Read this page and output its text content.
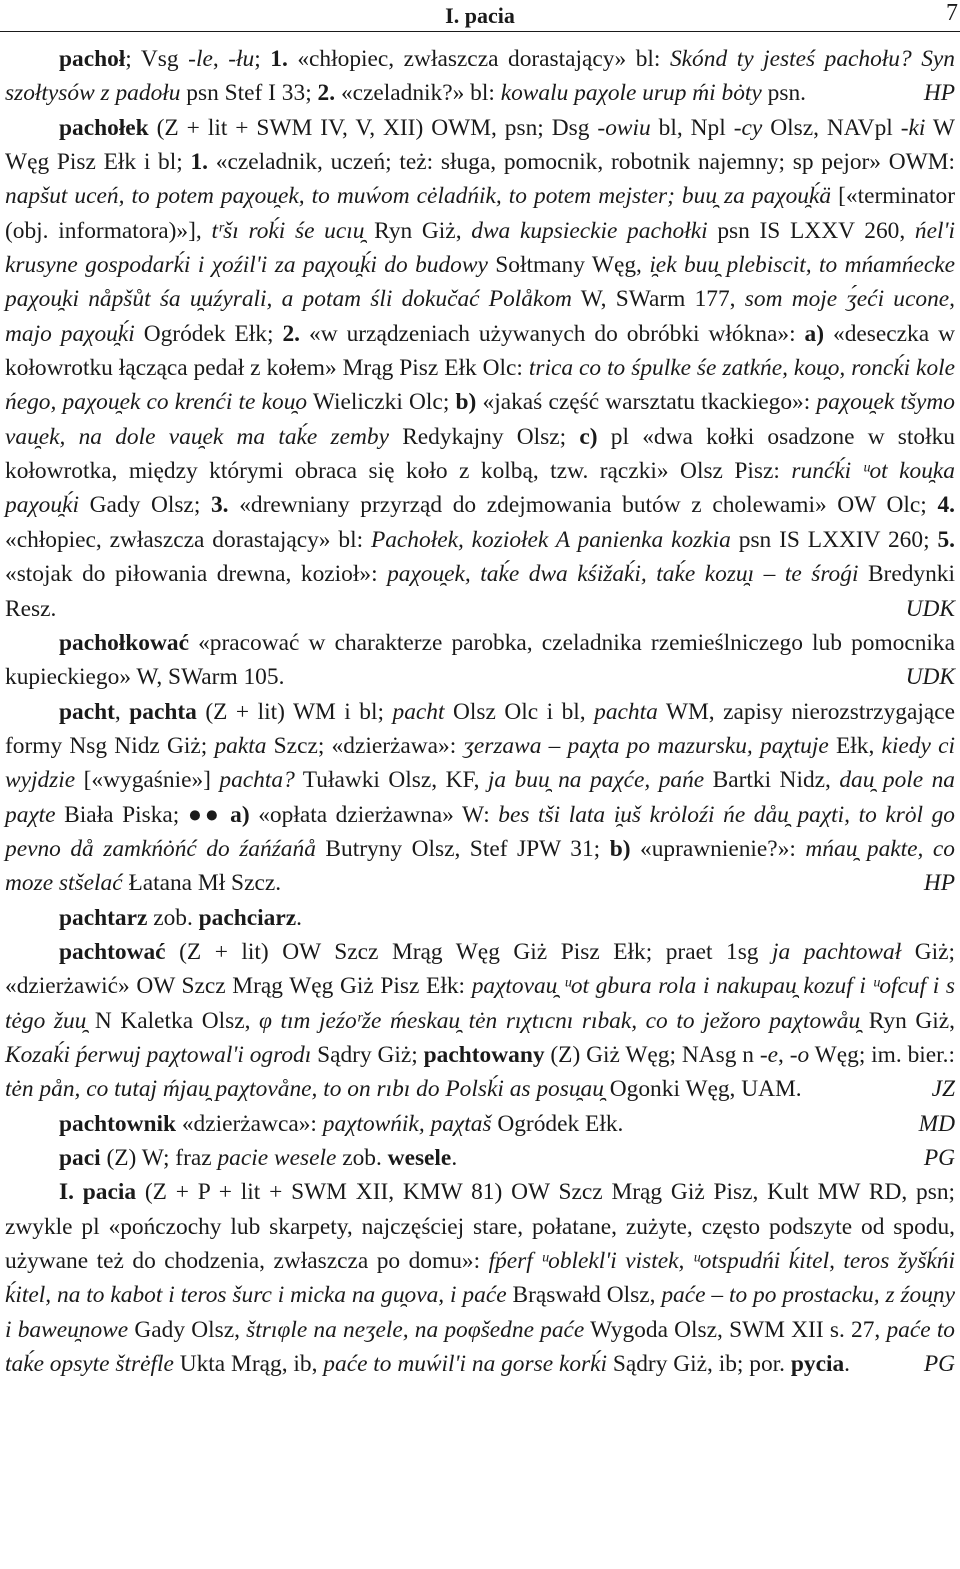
I. pacia	7

pachoł; Vsg -le, -łu; 1. «chłopiec, zwłaszcza dorastający» bl: Skónd ty jesteś pachołu? Syn szołtysów z padołu psn Stef I 33; 2. «czeladnik?» bl: kowalu paχole urup ḿi bȯty psn.	HP

pachołek (Z + lit + SWM IV, V, XII) OWM, psn; Dsg -owiu bl, Npl -cy Olsz, NAVpl -ki W Węg Pisz Ełk i bl; 1. «czeladnik, uczeń; też: sługa, pomocnik, robotnik najemny; sp pejor» OWM: napšut uceń, to potem paχou̯ek, to muẃom cėladńik, to potem mejster; buu̯ za paχou̯ḱä [«terminator (obj. informatora)»], tʳšı roḱi śe ucıu̯ Ryn Giż, dwa kupsieckie pachołki psn IS LXXV 260, ńel'i krusyne gospodarḱi i χoźil'i za paχou̯ḱi do budowy Sołtmany Węg, i̯ek buu̯ plebiscit, to mńamńecke paχou̯ki nåpšůt śa u̯uźyrali, a potam śli dokučać Polåkom W, SWarm 177, som moje ʒ́eći ucone, majo paχou̯ḱi Ogródek Ełk; 2. «w urządzeniach używanych do obróbki włókna»: a) «deseczka w kołowrotku łącząca pedał z kołem» Mrąg Pisz Ełk Olc: trica co to śpulke śe zatkńe, kou̯o, roncḱi kole ńego, paχou̯ek co krenći te kou̯o Wieliczki Olc; b) «jakaś część warsztatu tkackiego»: paχou̯ek tšymo vau̯ek, na dole vau̯ek ma taḱe zemby Redykajny Olsz; c) pl «dwa kołki osadzone w stołku kołowrotka, między którymi obraca się koło z kolbą, tzw. rączki» Olsz Pisz: runćḱi ᵘot kou̯ka paχou̯ḱi Gady Olsz; 3. «drewniany przyrząd do zdejmowania butów z cholewami» OW Olc; 4. «chłopiec, zwłaszcza dorastający» bl: Pachołek, koziołek A panienka kozkia psn IS LXXIV 260; 5. «stojak do piłowania drewna, kozioł»: paχou̯ek, taḱe dwa kśižaḱi, taḱe kozu̯ı – te śroǵi Bredynki Resz.	UDK

pachołkować «pracować w charakterze parobka, czeladnika rzemieślniczego lub pomocnika kupieckiego» W, SWarm 105.	UDK

pacht, pachta (Z + lit) WM i bl; pacht Olsz Olc i bl, pachta WM, zapisy nierozstrzygające formy Nsg Nidz Giż; pakta Szcz; «dzierżawa»: ʒerzawa – paχta po mazursku, paχtuje Ełk, kiedy ci wyjdzie [«wygaśnie»] pachta? Tuławki Olsz, KF, ja buu̯ na paχće, pańe Bartki Nidz, dau̯ pole na paχte Biała Piska; ●● a) «opłata dzierżawna» W: bes tši lata i̯uš krȯloźi ńe dåu̯ paχti, to krȯl go pevno då zamkńȯńć do źańźańå Butryny Olsz, Stef JPW 31; b) «uprawnienie?»: mńau̯ pakte, co moze stšelać Łatana Mł Szcz.	HP

pachtarz zob. pachciarz.

pachtować (Z + lit) OW Szcz Mrąg Węg Giż Pisz Ełk; praet 1sg ja pachtował Giż; «dzierżawić» OW Szcz Mrąg Węg Giż Pisz Ełk: paχtovau̯ ᵘot gbura rola i nakupau̯ kozuf i ᵘofcuf i s tėgo žuu̯ N Kaletka Olsz, φ tım jeźoʳže ḿeskau̯ tėn rıχtıcnı rıbak, co to ježoro paχtowåu̯ Ryn Giż, Kozaḱi ṕerwuj paχtowal'i ogrodı Sądry Giż; pachtowany (Z) Giż Węg; NAsg n -e, -o Węg; im. bier.: tėn pån, co tutaj ḿjau̯ paχtovåne, to on rıbı do Polsḱi as posu̯au̯ Ogonki Węg, UAM.	JZ

pachtownik «dzierżawca»: paχtowńik, paχtaš Ogródek Ełk.	MD

paci (Z) W; fraz pacie wesele zob. wesele.	PG

I. pacia (Z + P + lit + SWM XII, KMW 81) OW Szcz Mrąg Giż Pisz, Kult MW RD, psn; zwykle pl «pończochy lub skarpety, najczęściej stare, połatane, zużyte, często podszyte od spodu, używane też do chodzenia, zwłaszcza po domu»: fṕerf ᵘoblekl'i vistek, ᵘotspudńi ḱitel, teros žyšḱńi ḱitel, na to kabot i teros šurc i micka na gu̯ova, i paće Brąswałd Olsz, paće – to po prostacku, z źou̯ny i baweu̯nowe Gady Olsz, štrıφle na neʒele, na poφšedne paće Wygoda Olsz, SWM XII s. 27, paće to taḱe opsyte štrėfle Ukta Mrąg, ib, paće to muẃil'i na gorse korḱi Sądry Giż, ib; por. pycia.	PG
